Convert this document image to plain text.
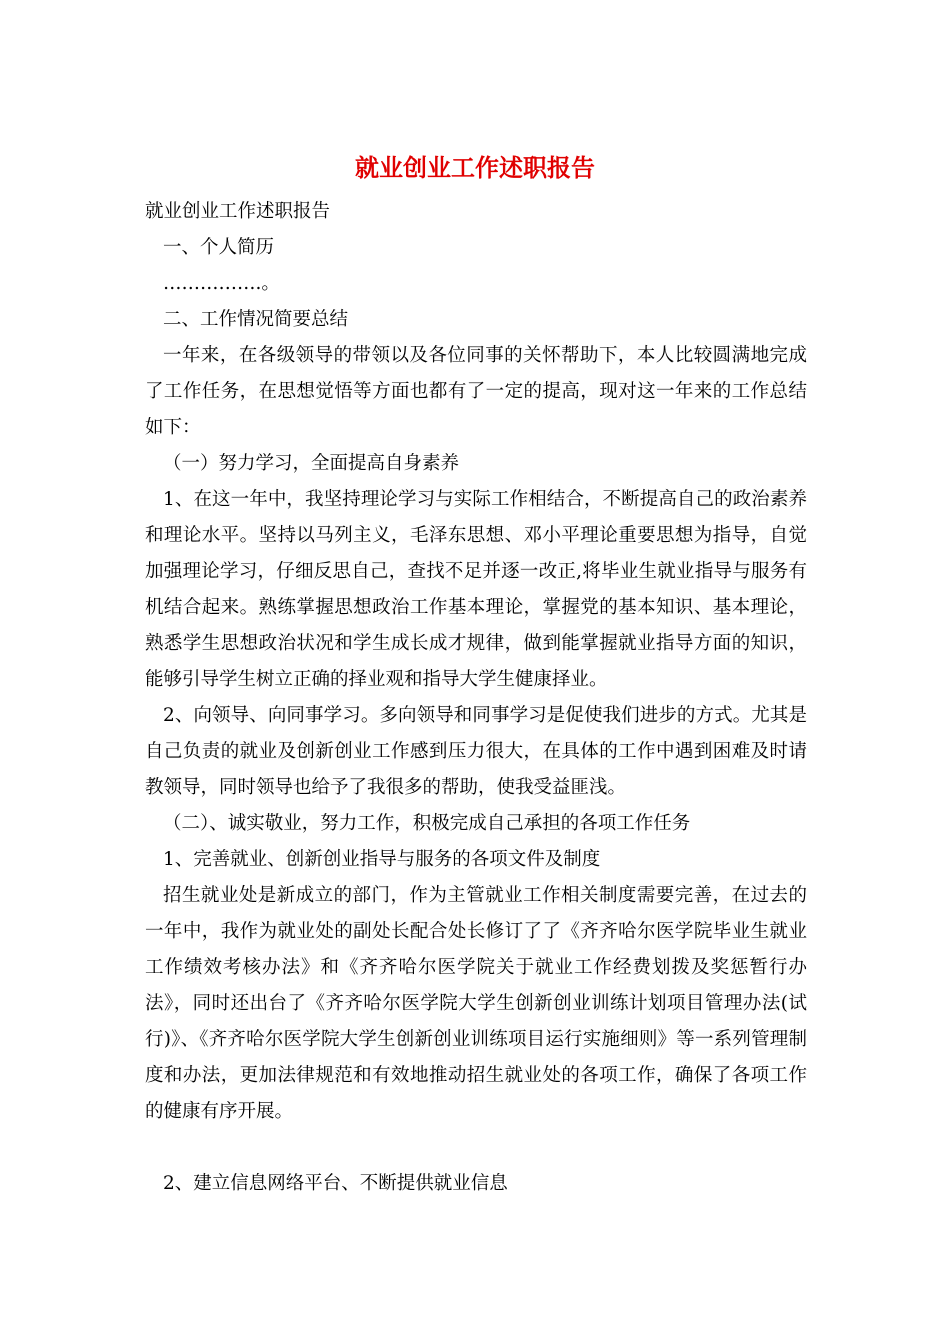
就业创业工作述职报告

就业创业工作述职报告

一、个人简历

…………….。

二、工作情况简要总结

一年来，在各级领导的带领以及各位同事的关怀帮助下，本人比较圆满地完成了工作任务，在思想觉悟等方面也都有了一定的提高，现对这一年来的工作总结如下：

（一）努力学习，全面提高自身素养

1、在这一年中，我坚持理论学习与实际工作相结合，不断提高自己的政治素养和理论水平。坚持以马列主义，毛泽东思想、邓小平理论重要思想为指导，自觉加强理论学习，仔细反思自己，查找不足并逐一改正,将毕业生就业指导与服务有机结合起来。熟练掌握思想政治工作基本理论，掌握党的基本知识、基本理论，熟悉学生思想政治状况和学生成长成才规律，做到能掌握就业指导方面的知识，能够引导学生树立正确的择业观和指导大学生健康择业。

2、向领导、向同事学习。多向领导和同事学习是促使我们进步的方式。尤其是自己负责的就业及创新创业工作感到压力很大，在具体的工作中遇到困难及时请教领导，同时领导也给予了我很多的帮助，使我受益匪浅。

（二）、诚实敬业，努力工作，积极完成自己承担的各项工作任务

1、完善就业、创新创业指导与服务的各项文件及制度

招生就业处是新成立的部门，作为主管就业工作相关制度需要完善，在过去的一年中，我作为就业处的副处长配合处长修订了了《齐齐哈尔医学院毕业生就业工作绩效考核办法》和《齐齐哈尔医学院关于就业工作经费划拨及奖惩暂行办法》，同时还出台了《齐齐哈尔医学院大学生创新创业训练计划项目管理办法(试行)》、《齐齐哈尔医学院大学生创新创业训练项目运行实施细则》等一系列管理制度和办法，更加法律规范和有效地推动招生就业处的各项工作，确保了各项工作的健康有序开展。

2、建立信息网络平台、不断提供就业信息
